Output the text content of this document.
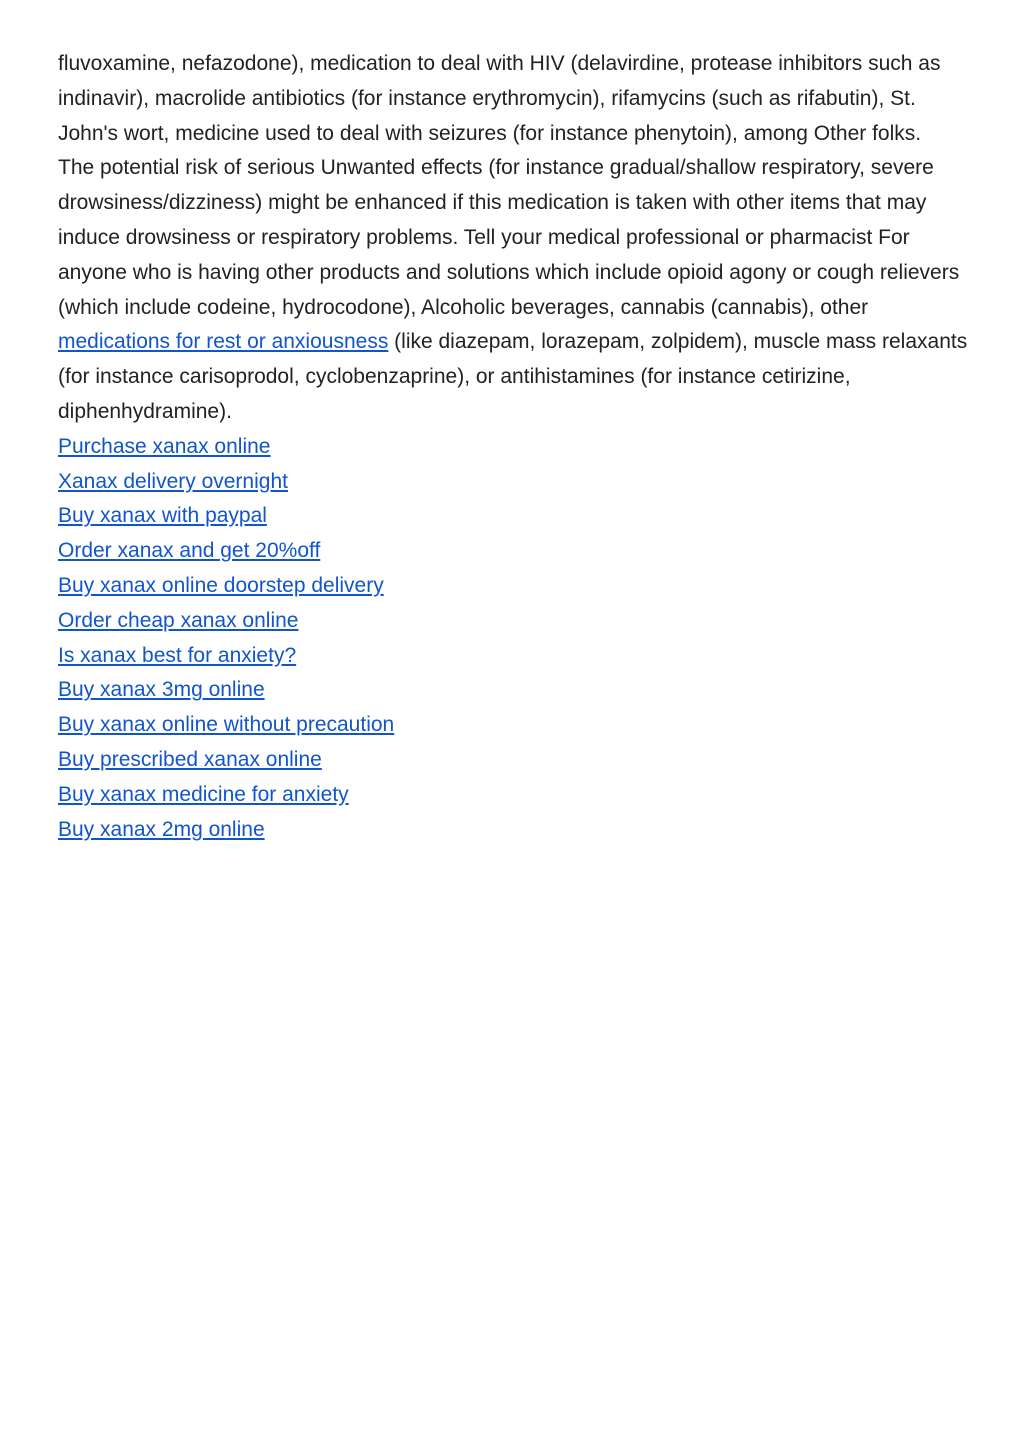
fluvoxamine, nefazodone), medication to deal with HIV (delavirdine, protease inhibitors such as indinavir), macrolide antibiotics (for instance erythromycin), rifamycins (such as rifabutin), St. John's wort, medicine used to deal with seizures (for instance phenytoin), among Other folks.

The potential risk of serious Unwanted effects (for instance gradual/shallow respiratory, severe drowsiness/dizziness) might be enhanced if this medication is taken with other items that may induce drowsiness or respiratory problems. Tell your medical professional or pharmacist For anyone who is having other products and solutions which include opioid agony or cough relievers (which include codeine, hydrocodone), Alcoholic beverages, cannabis (cannabis), other medications for rest or anxiousness (like diazepam, lorazepam, zolpidem), muscle mass relaxants (for instance carisoprodol, cyclobenzaprine), or antihistamines (for instance cetirizine, diphenhydramine).

Purchase xanax online
Xanax delivery overnight
Buy xanax with paypal
Order xanax and get 20%off
Buy xanax online doorstep delivery
Order cheap xanax online
Is xanax best for anxiety?
Buy xanax 3mg online
Buy xanax online without precaution
Buy prescribed xanax online
Buy xanax medicine for anxiety
Buy xanax 2mg online
